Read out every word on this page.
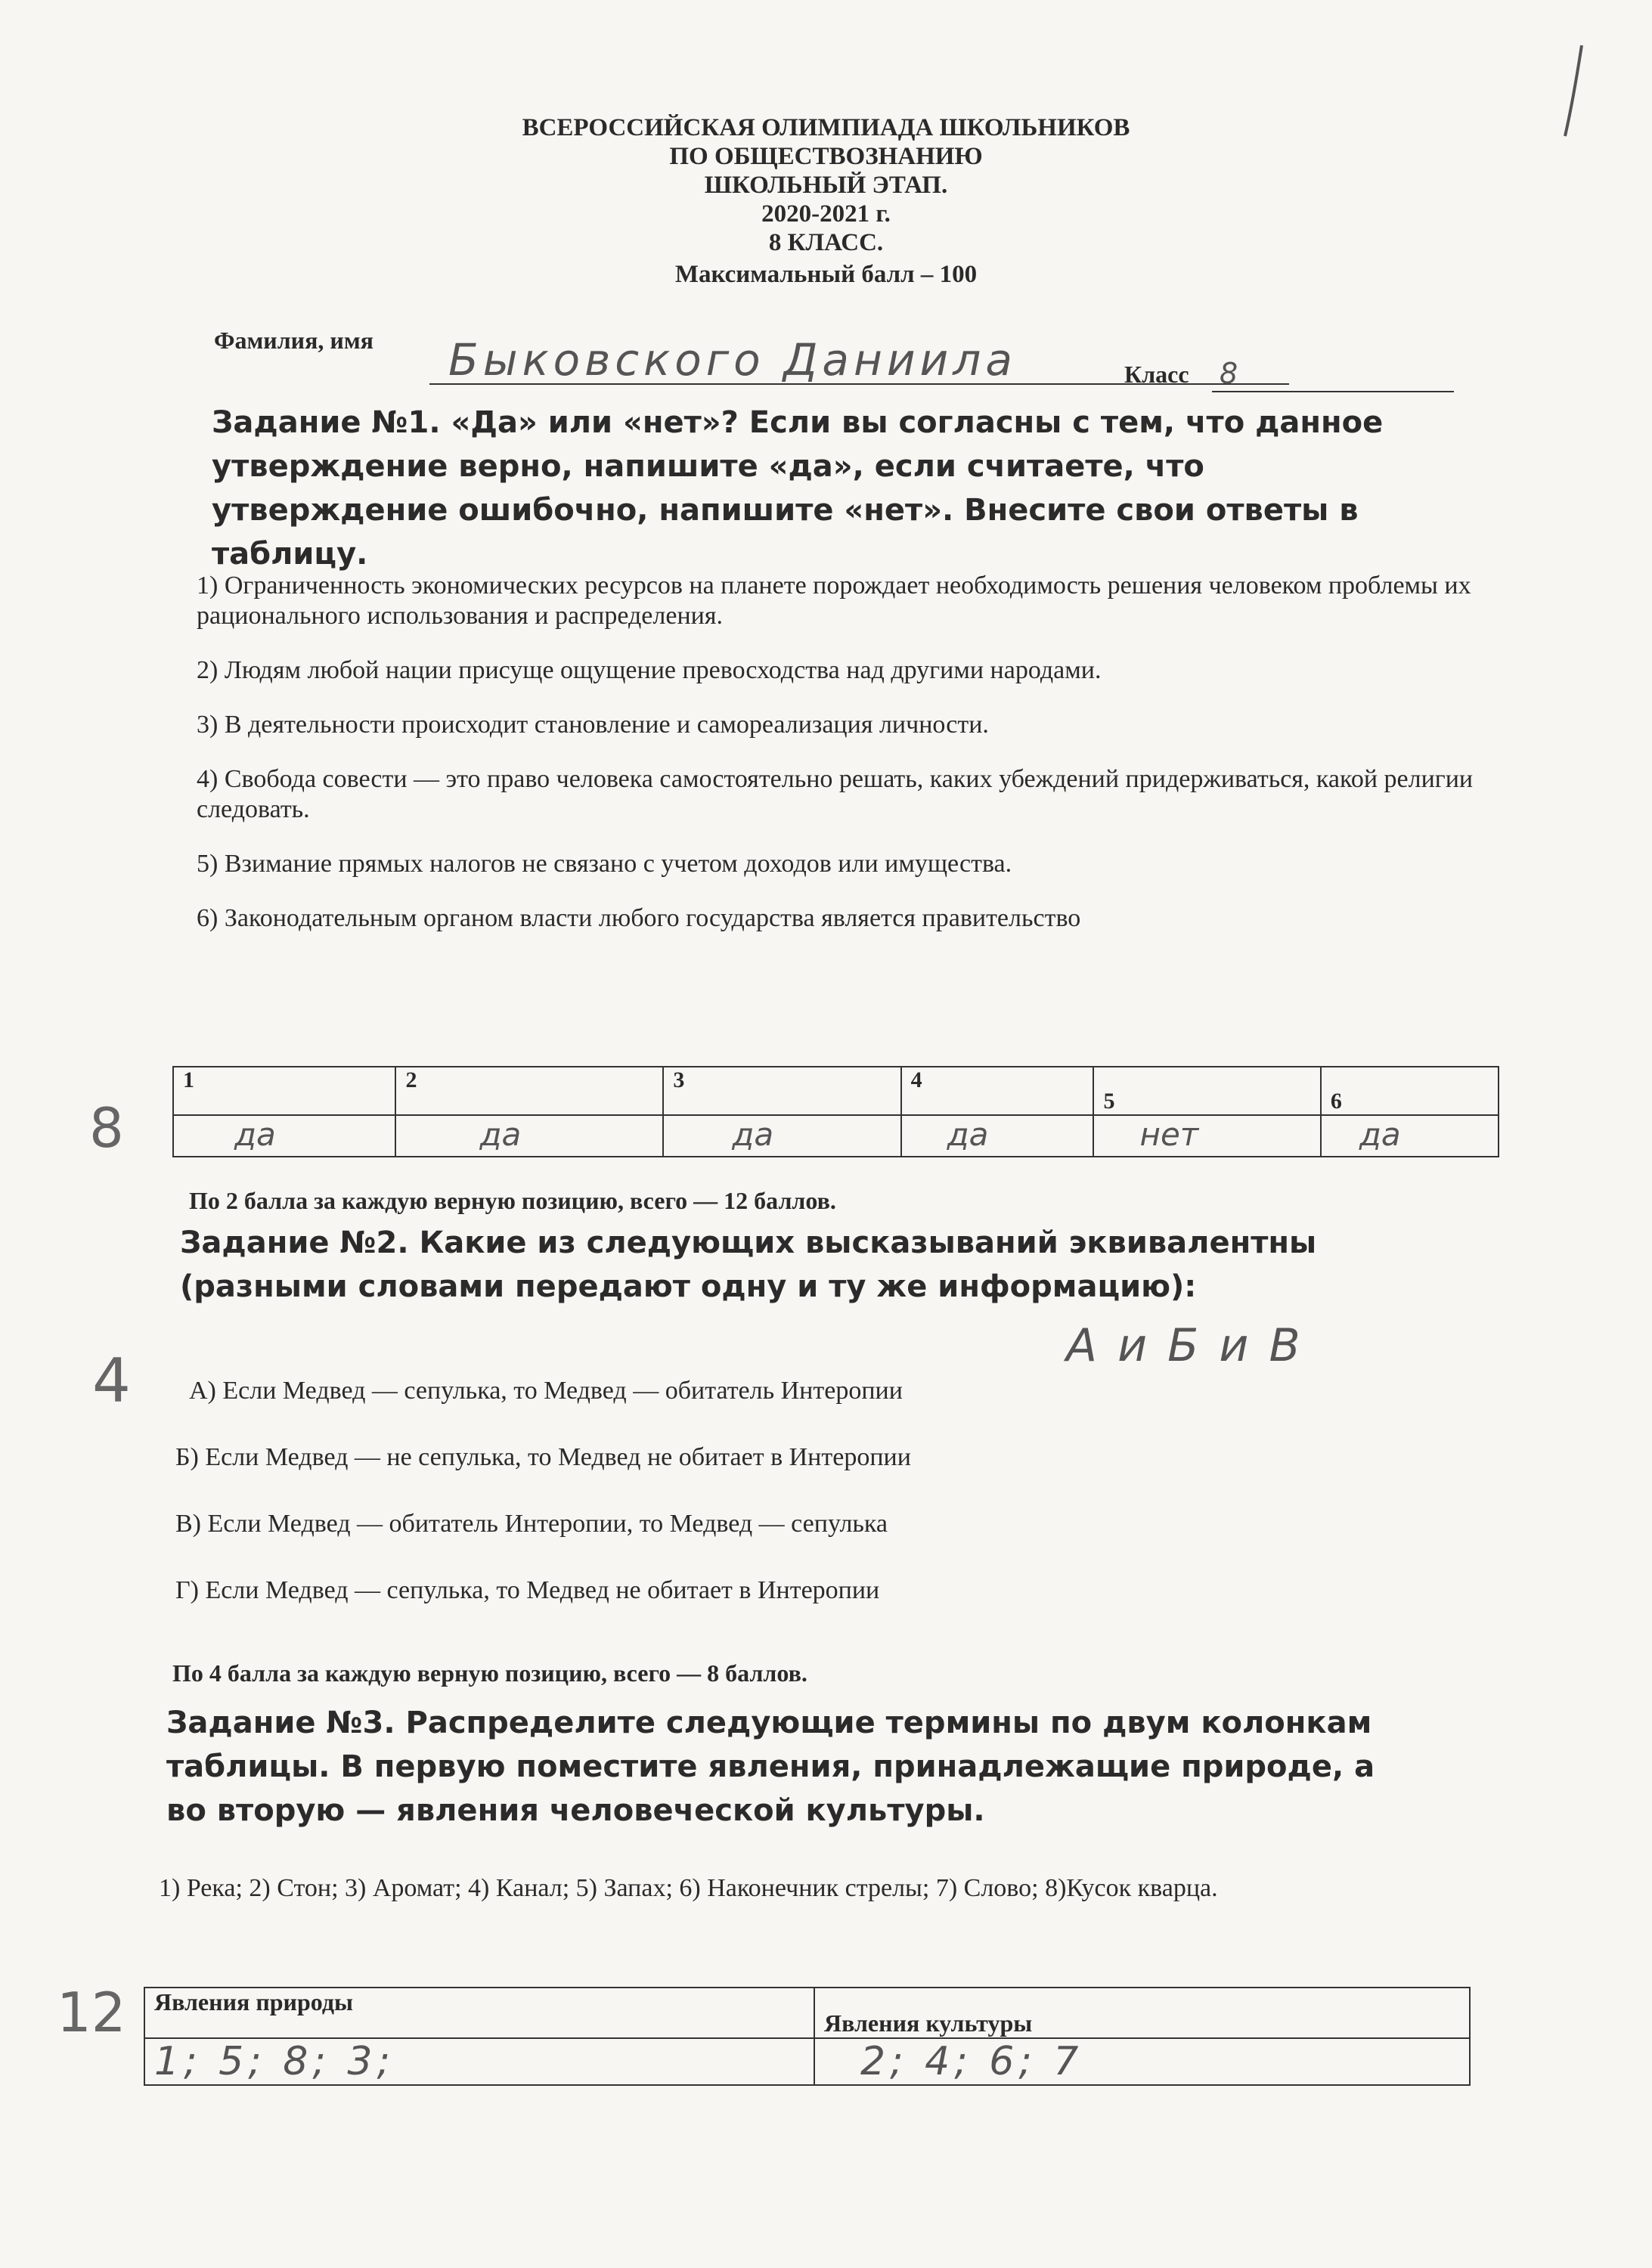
ВСЕРОССИЙСКАЯ ОЛИМПИАДА ШКОЛЬНИКОВ
ПО ОБЩЕСТВОЗНАНИЮ
ШКОЛЬНЫЙ ЭТАП.
2020-2021 г.
8 КЛАСС.
Максимальный балл – 100
Фамилия, имя Быковского Даниила	Класс 8
Задание №1. «Да» или «нет»? Если вы согласны с тем, что данное утверждение верно, напишите «да», если считаете, что утверждение ошибочно, напишите «нет». Внесите свои ответы в таблицу.
1) Ограниченность экономических ресурсов на планете порождает необходимость решения человеком проблемы их рационального использования и распределения.
2) Людям любой нации присуще ощущение превосходства над другими народами.
3) В деятельности происходит становление и самореализация личности.
4) Свобода совести — это право человека самостоятельно решать, каких убеждений придерживаться, какой религии следовать.
5) Взимание прямых налогов не связано с учетом доходов или имущества.
6) Законодательным органом власти любого государства является правительство
8
1	2	3	4	5	6
да	да	да	да	нет	да
По 2 балла за каждую верную позицию, всего — 12 баллов.
Задание №2. Какие из следующих высказываний эквивалентны (разными словами передают одну и ту же информацию):
А и Б и В
4	А) Если Медвед — сепулька, то Медвед — обитатель Интеропии
Б) Если Медвед — не сепулька, то Медвед не обитает в Интеропии
В) Если Медвед — обитатель Интеропии, то Медвед — сепулька
Г) Если Медвед — сепулька, то Медвед не обитает в Интеропии
По 4 балла за каждую верную позицию, всего — 8 баллов.
Задание №3. Распределите следующие термины по двум колонкам таблицы. В первую поместите явления, принадлежащие природе, а во вторую — явления человеческой культуры.
1) Река; 2) Стон; 3) Аромат; 4) Канал; 5) Запах; 6) Наконечник стрелы; 7) Слово; 8)Кусок кварца.
12 Явления природы	Явления культуры
1; 5; 8; 3;	2; 4; 6; 7
